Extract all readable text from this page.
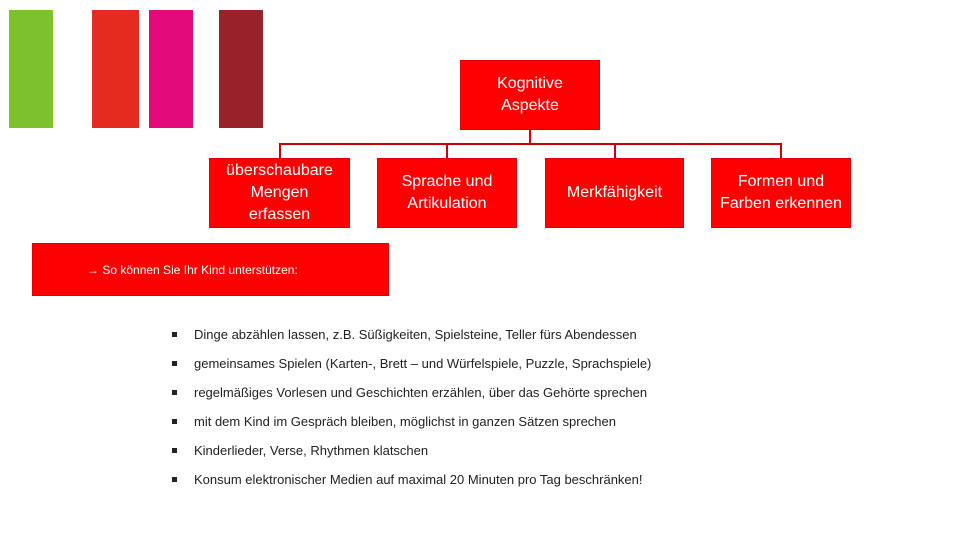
Kognitive
Aspekte
überschaubare
Mengen
erfassen
Sprache und
Artikulation
Merkfähigkeit
Formen und
Farben erkennen
→
So können Sie Ihr Kind unterstützen:
Dinge abzählen lassen, z.B. Süßigkeiten, Spielsteine, Teller fürs Abendessen
gemeinsames Spielen (Karten-, Brett – und Würfelspiele, Puzzle, Sprachspiele)
regelmäßiges Vorlesen und Geschichten erzählen, über das Gehörte sprechen
mit dem Kind im Gespräch bleiben, möglichst in ganzen Sätzen sprechen
Kinderlieder, Verse, Rhythmen klatschen
Konsum elektronischer Medien auf maximal 20 Minuten pro Tag beschränken!
